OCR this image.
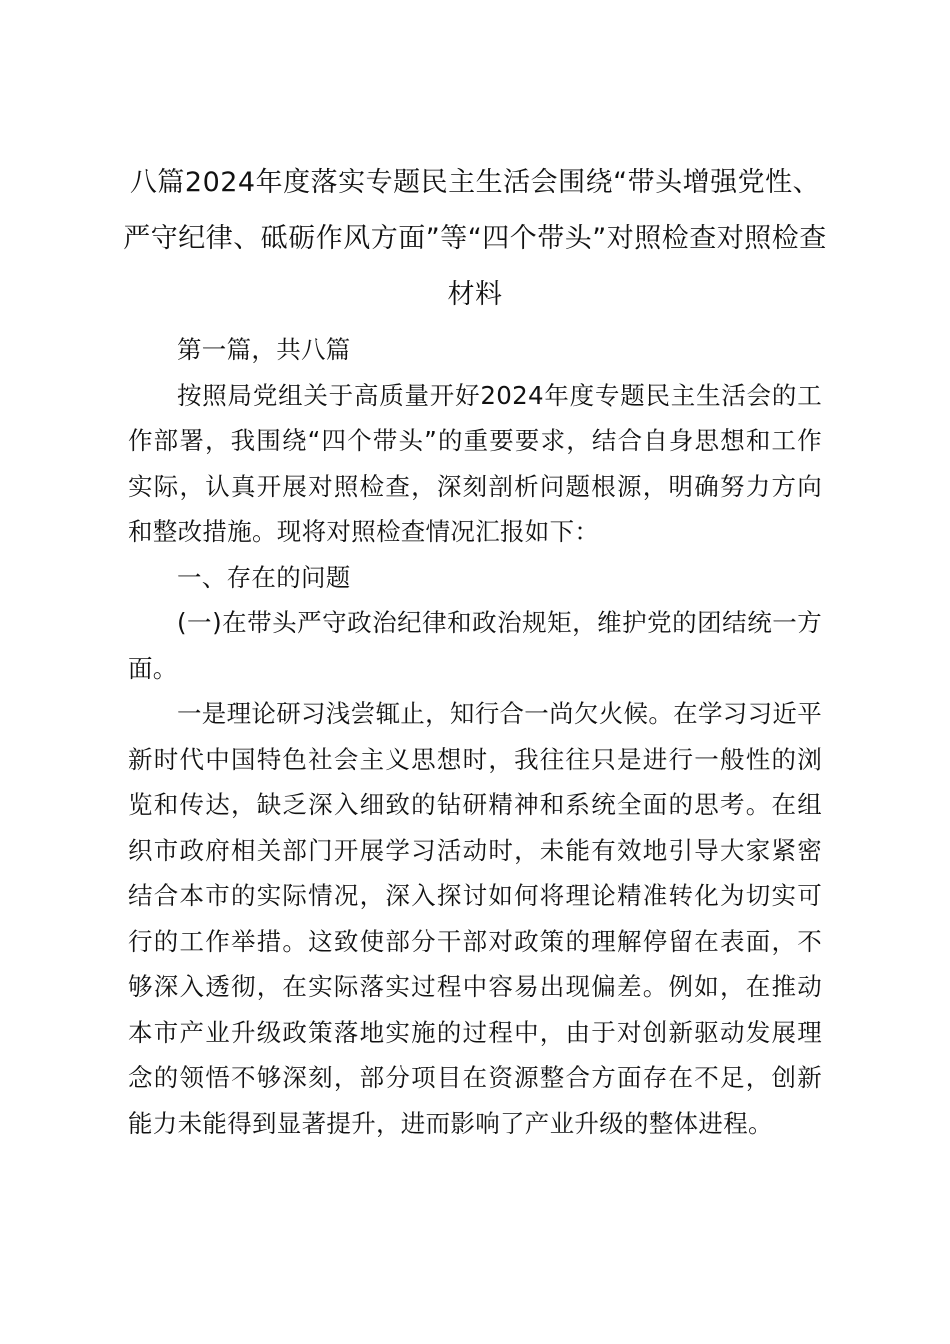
八篇2024年度落实专题民主生活会围绕“带头增强党性、严守纪律、砥砺作风方面”等“四个带头”对照检查对照检查材料

第一篇，共八篇

按照局党组关于高质量开好2024年度专题民主生活会的工作部署，我围绕“四个带头”的重要要求，结合自身思想和工作实际，认真开展对照检查，深刻剖析问题根源，明确努力方向和整改措施。现将对照检查情况汇报如下：

一、存在的问题

(一)在带头严守政治纪律和政治规矩，维护党的团结统一方面。

一是理论研习浅尝辄止，知行合一尚欠火候。在学习习近平新时代中国特色社会主义思想时，我往往只是进行一般性的浏览和传达，缺乏深入细致的钻研精神和系统全面的思考。在组织市政府相关部门开展学习活动时，未能有效地引导大家紧密结合本市的实际情况，深入探讨如何将理论精准转化为切实可行的工作举措。这致使部分干部对政策的理解停留在表面，不够深入透彻，在实际落实过程中容易出现偏差。例如，在推动本市产业升级政策落地实施的过程中，由于对创新驱动发展理念的领悟不够深刻，部分项目在资源整合方面存在不足，创新能力未能得到显著提升，进而影响了产业升级的整体进程。
